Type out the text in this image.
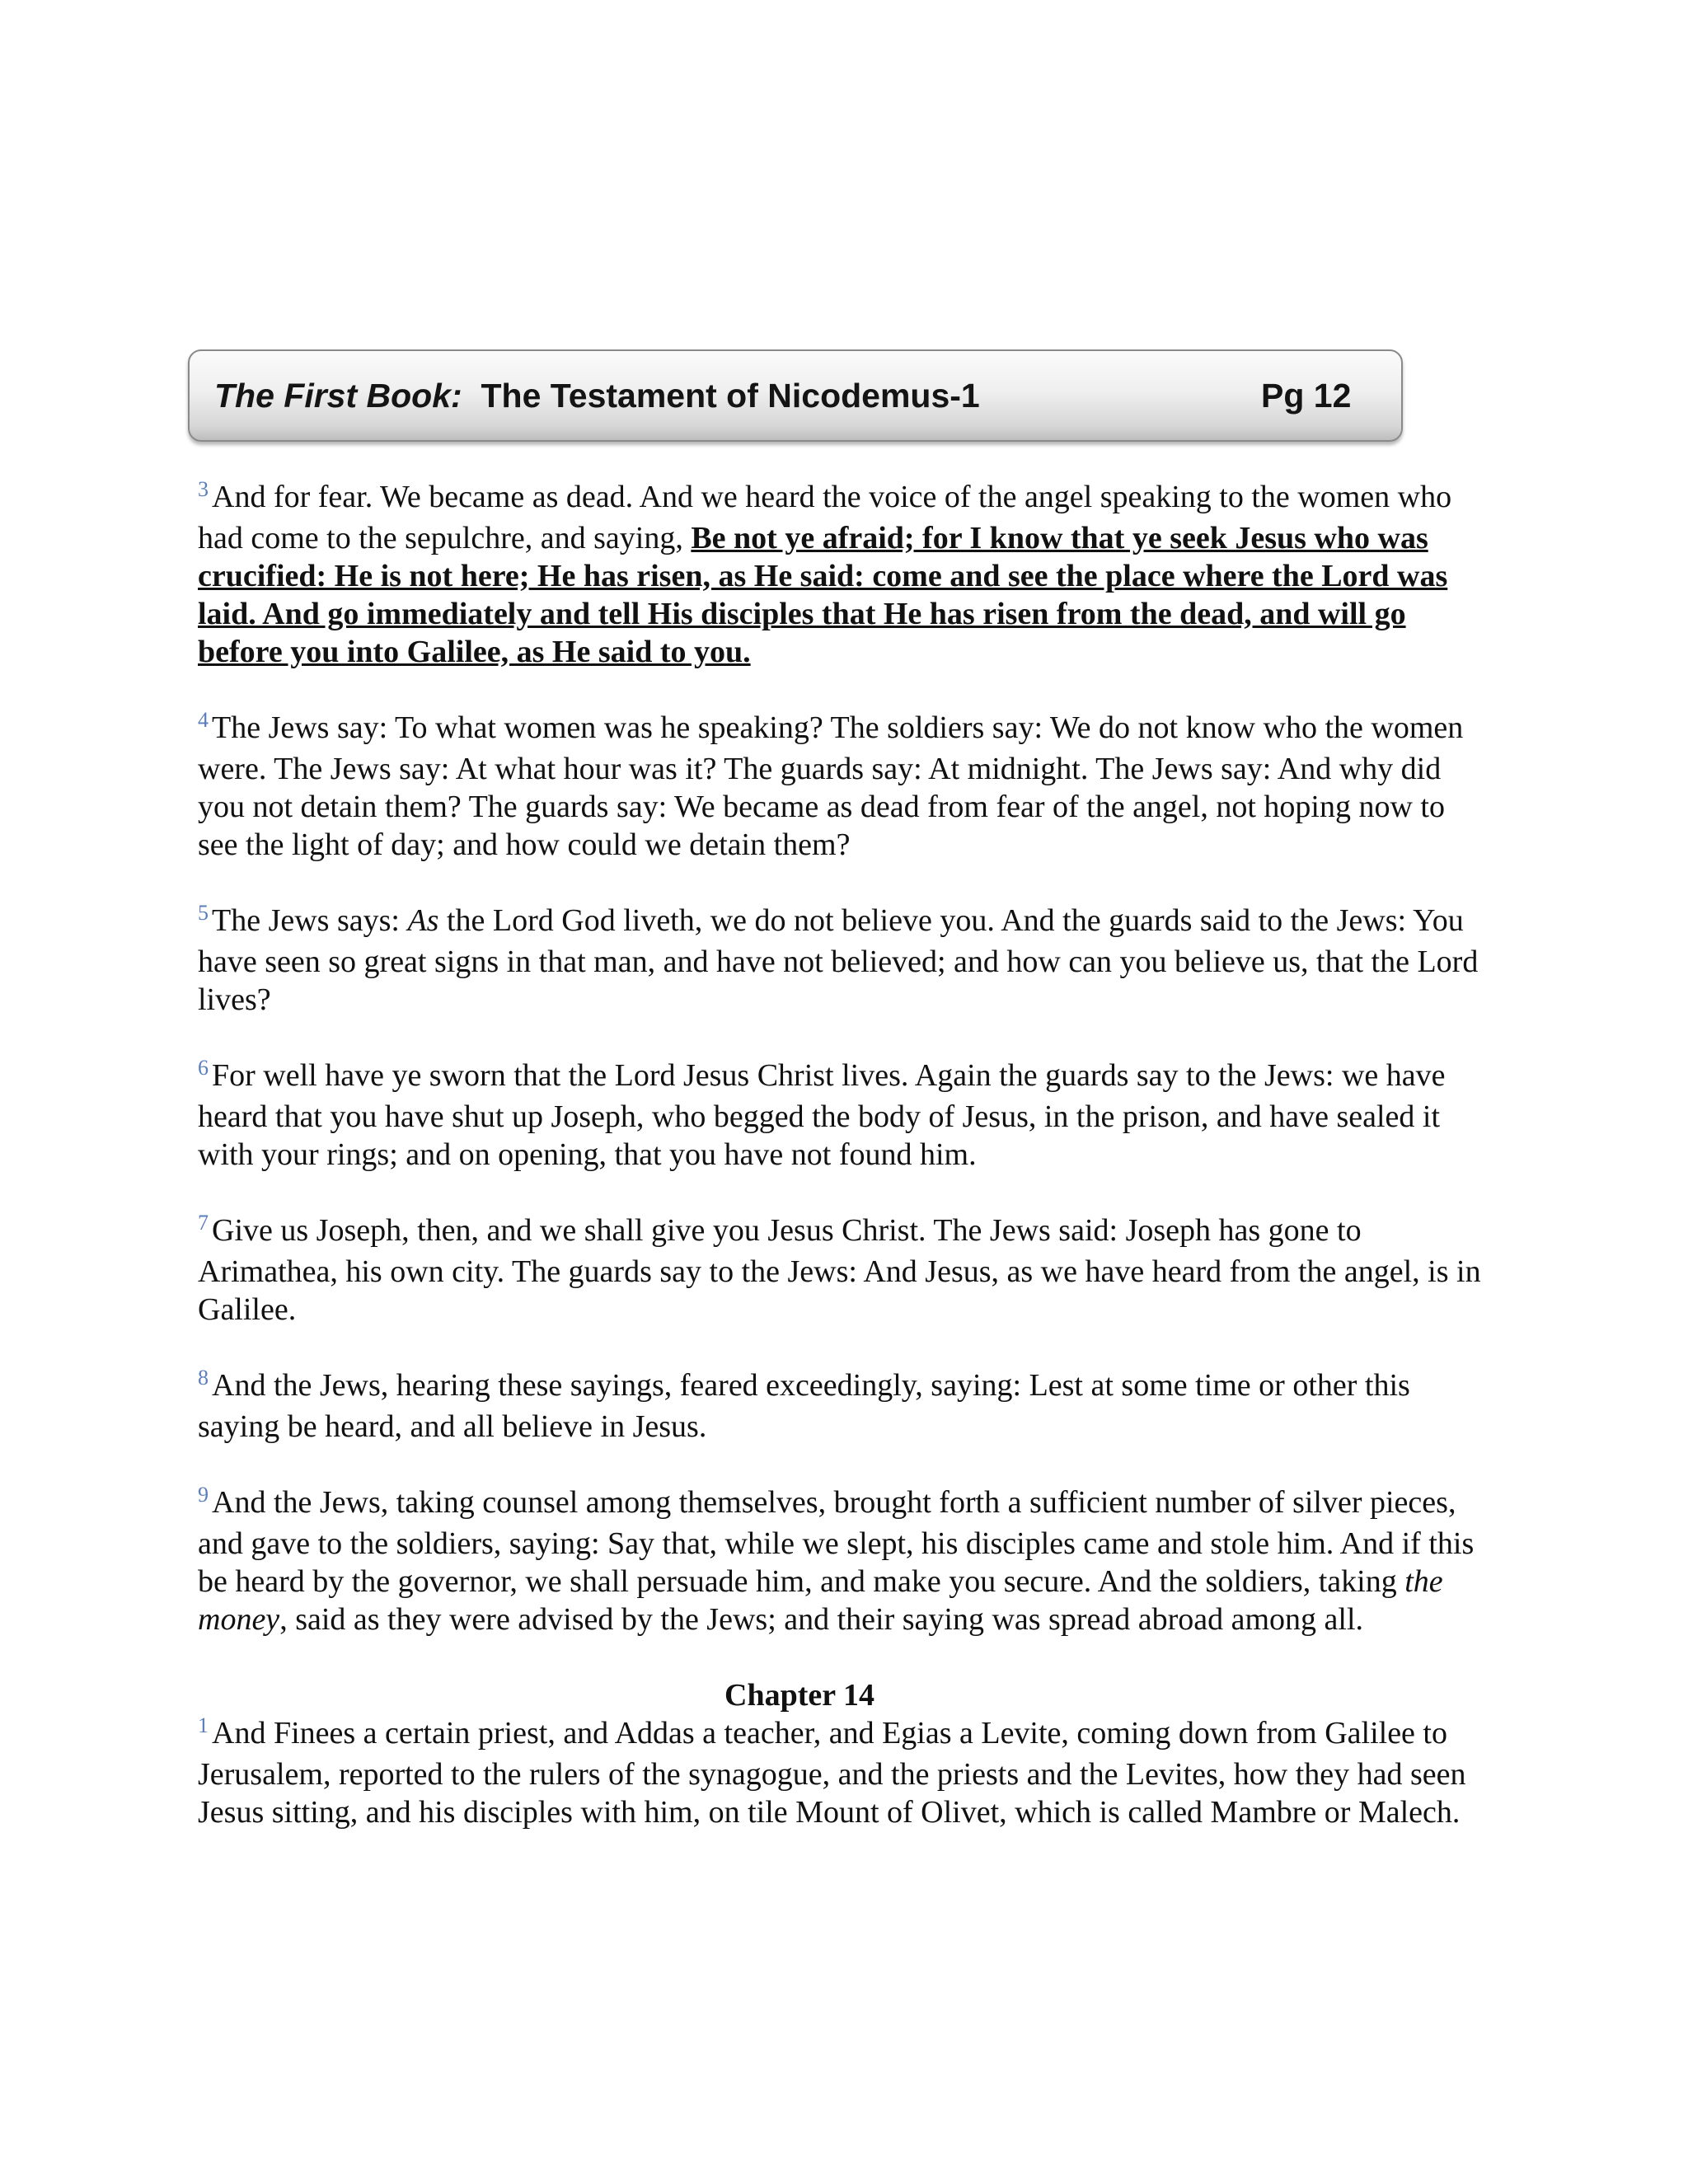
The First Book: The Testament of Nicodemus-1	Pg 12

$^3$ And for fear. We became as dead. And we heard the voice of the angel speaking to the women who had come to the sepulchre, and saying, Be not ye afraid; for I know that ye seek Jesus who was crucified: He is not here; He has risen, as He said: come and see the place where the Lord was laid. And go immediately and tell His disciples that He has risen from the dead, and will go before you into Galilee, as He said to you.

$^4$ The Jews say: To what women was he speaking? The soldiers say: We do not know who the women were. The Jews say: At what hour was it? The guards say: At midnight. The Jews say: And why did you not detain them? The guards say: We became as dead from fear of the angel, not hoping now to see the light of day; and how could we detain them?

$^5$ The Jews says: As the Lord God liveth, we do not believe you. And the guards said to the Jews: You have seen so great signs in that man, and have not believed; and how can you believe us, that the Lord lives?

$^6$ For well have ye sworn that the Lord Jesus Christ lives. Again the guards say to the Jews: we have heard that you have shut up Joseph, who begged the body of Jesus, in the prison, and have sealed it with your rings; and on opening, that you have not found him.

$^7$ Give us Joseph, then, and we shall give you Jesus Christ. The Jews said: Joseph has gone to Arimathea, his own city. The guards say to the Jews: And Jesus, as we have heard from the angel, is in Galilee.

$^8$ And the Jews, hearing these sayings, feared exceedingly, saying: Lest at some time or other this saying be heard, and all believe in Jesus.

$^9$ And the Jews, taking counsel among themselves, brought forth a sufficient number of silver pieces, and gave to the soldiers, saying: Say that, while we slept, his disciples came and stole him. And if this be heard by the governor, we shall persuade him, and make you secure. And the soldiers, taking the money, said as they were advised by the Jews; and their saying was spread abroad among all.

Chapter 14

$^1$ And Finees a certain priest, and Addas a teacher, and Egias a Levite, coming down from Galilee to Jerusalem, reported to the rulers of the synagogue, and the priests and the Levites, how they had seen Jesus sitting, and his disciples with him, on tile Mount of Olivet, which is called Mambre or Malech.
